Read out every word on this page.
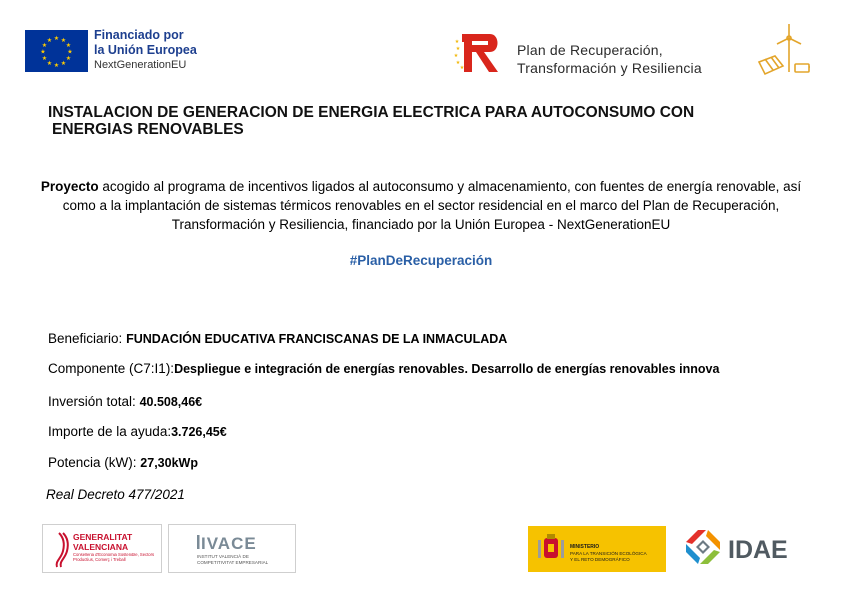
★ ★
★
★
★
★
★
★
★
★
★
★	Financiado por
la Unión Europea
NextGenerationEU
★
★
★
★
★	Plan de Recuperación,
Transformación y Resiliencia
INSTALACION DE GENERACION DE ENERGIA ELECTRICA PARA AUTOCONSUMO CON
ENERGIAS RENOVABLES
Proyecto acogido al programa de incentivos ligados al autoconsumo y almacenamiento, con fuentes de energía renovable, así como a la implantación de sistemas térmicos renovables en el sector residencial en el marco del Plan de Recuperación, Transformación y Resiliencia, financiado por la Unión Europea - NextGenerationEU
#PlanDeRecuperación
Beneficiario: FUNDACIÓN EDUCATIVA FRANCISCANAS DE LA INMACULADA
Componente (C7:I1):Despliegue e integración de energías renovables. Desarrollo de energías renovables innova
Inversión total: 40.508,46€
Importe de la ayuda:3.726,45€
Potencia (kW): 27,30kWp
Real Decreto 477/2021
GENERALITAT
VALENCIANA
Conselleria d'Economia Sostenible, Sectors Productius, Comerç i Treball
IVACE
INSTITUT VALENCIÀ DE
COMPETITIVITAT EMPRESARIAL
MINISTERIO
PARA LA TRANSICIÓN ECOLÓGICA
Y EL RETO DEMOGRÁFICO	IDAE
